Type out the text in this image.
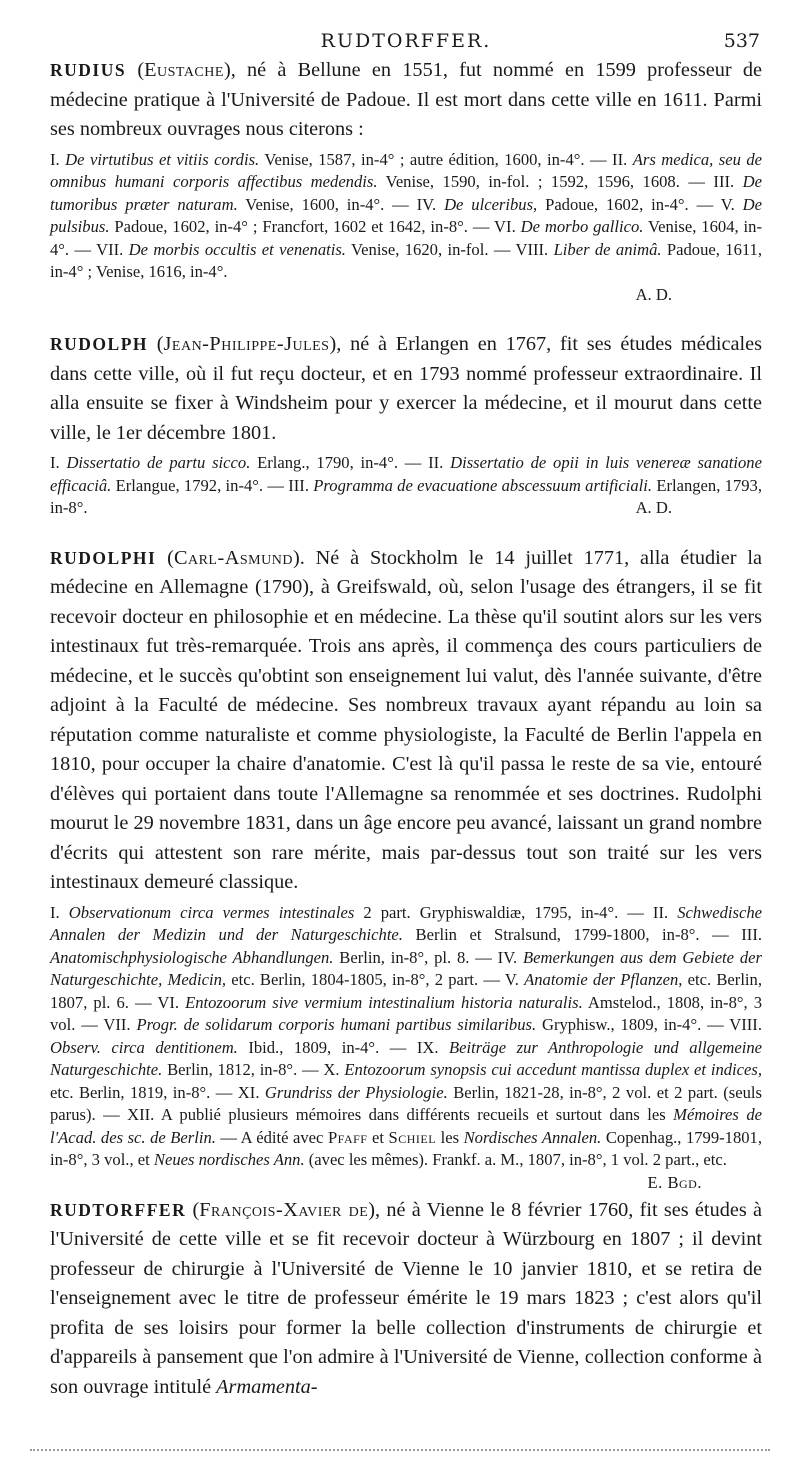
RUDTORFFER.	537

RUDIUS (Eustache), né à Bellune en 1551, fut nommé en 1599 professeur de médecine pratique à l'Université de Padoue. Il est mort dans cette ville en 1611. Parmi ses nombreux ouvrages nous citerons :

I. De virtutibus et vitiis cordis. Venise, 1587, in-4° ; autre édition, 1600, in-4°. — II. Ars medica, seu de omnibus humani corporis affectibus medendis. Venise, 1590, in-fol. ; 1592, 1596, 1608. — III. De tumoribus præter naturam. Venise, 1600, in-4°. — IV. De ulceribus, Padoue, 1602, in-4°. — V. De pulsibus. Padoue, 1602, in-4° ; Francfort, 1602 et 1642, in-8°. — VI. De morbo gallico. Venise, 1604, in-4°. — VII. De morbis occultis et venenatis. Venise, 1620, in-fol. — VIII. Liber de animâ. Padoue, 1611, in-4° ; Venise, 1616, in-4°.

A. D.

RUDOLPH (Jean-Philippe-Jules), né à Erlangen en 1767, fit ses études médicales dans cette ville, où il fut reçu docteur, et en 1793 nommé professeur extraordinaire. Il alla ensuite se fixer à Windsheim pour y exercer la médecine, et il mourut dans cette ville, le 1er décembre 1801.

I. Dissertatio de partu sicco. Erlang., 1790, in-4°. — II. Dissertatio de opii in luis venereæ sanatione efficaciâ. Erlangue, 1792, in-4°. — III. Programma de evacuatione abscessuum artificiali. Erlangen, 1793, in-8°.	A. D.

RUDOLPHI (Carl-Asmund). Né à Stockholm le 14 juillet 1771, alla étudier la médecine en Allemagne (1790), à Greifswald, où, selon l'usage des étrangers, il se fit recevoir docteur en philosophie et en médecine. La thèse qu'il soutint alors sur les vers intestinaux fut très-remarquée. Trois ans après, il commença des cours particuliers de médecine, et le succès qu'obtint son enseignement lui valut, dès l'année suivante, d'être adjoint à la Faculté de médecine. Ses nombreux travaux ayant répandu au loin sa réputation comme naturaliste et comme physiologiste, la Faculté de Berlin l'appela en 1810, pour occuper la chaire d'anatomie. C'est là qu'il passa le reste de sa vie, entouré d'élèves qui portaient dans toute l'Allemagne sa renommée et ses doctrines. Rudolphi mourut le 29 novembre 1831, dans un âge encore peu avancé, laissant un grand nombre d'écrits qui attestent son rare mérite, mais par-dessus tout son traité sur les vers intestinaux demeuré classique.

I. Observationum circa vermes intestinales 2 part. Gryphiswaldiæ, 1795, in-4°. — II. Schwedische Annalen der Medizin und der Naturgeschichte. Berlin et Stralsund, 1799-1800, in-8°. — III. Anatomischphysiologische Abhandlungen. Berlin, in-8°, pl. 8. — IV. Bemerkungen aus dem Gebiete der Naturgeschichte, Medicin, etc. Berlin, 1804-1805, in-8°, 2 part. — V. Anatomie der Pflanzen, etc. Berlin, 1807, pl. 6. — VI. Entozoorum sive vermium intestinalium historia naturalis. Amstelod., 1808, in-8°, 3 vol. — VII. Progr. de solidarum corporis humani partibus similaribus. Gryphisw., 1809, in-4°. — VIII. Observ. circa dentitionem. Ibid., 1809, in-4°. — IX. Beiträge zur Anthropologie und allgemeine Naturgeschichte. Berlin, 1812, in-8°. — X. Entozoorum synopsis cui accedunt mantissa duplex et indices, etc. Berlin, 1819, in-8°. — XI. Grundriss der Physiologie. Berlin, 1821-28, in-8°, 2 vol. et 2 part. (seuls parus). — XII. A publié plusieurs mémoires dans différents recueils et surtout dans les Mémoires de l'Acad. des sc. de Berlin. — A édité avec Pfaff et Schiel les Nordisches Annalen. Copenhag., 1799-1801, in-8°, 3 vol., et Neues nordisches Ann. (avec les mêmes). Frankf. a. M., 1807, in-8°, 1 vol. 2 part., etc.
E. Bgd.

RUDTORFFER (François-Xavier de), né à Vienne le 8 février 1760, fit ses études à l'Université de cette ville et se fit recevoir docteur à Würzbourg en 1807 ; il devint professeur de chirurgie à l'Université de Vienne le 10 janvier 1810, et se retira de l'enseignement avec le titre de professeur émérite le 19 mars 1823 ; c'est alors qu'il profita de ses loisirs pour former la belle collection d'instruments de chirurgie et d'appareils à pansement que l'on admire à l'Université de Vienne, collection conforme à son ouvrage intitulé Armamenta-
